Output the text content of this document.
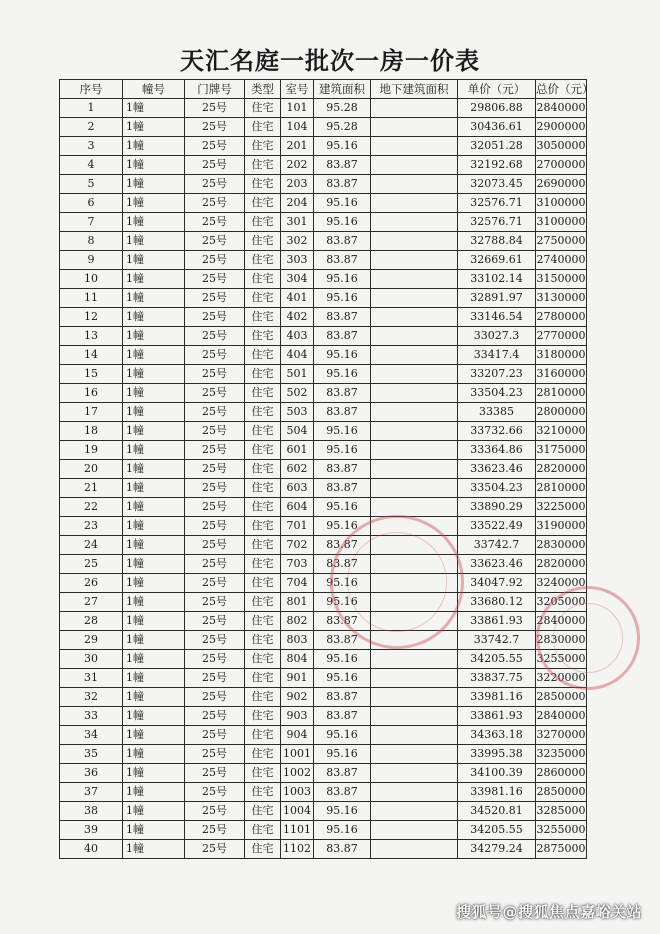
天汇名庭一批次一房一价表
序号	幢号	门牌号	类型	室号	建筑面积	地下建筑面积	单价（元）	总价（元）
1	1幢	25号	住宅	101	95.28		29806.88	2840000
2	1幢	25号	住宅	104	95.28		30436.61	2900000
3	1幢	25号	住宅	201	95.16		32051.28	3050000
4	1幢	25号	住宅	202	83.87		32192.68	2700000
5	1幢	25号	住宅	203	83.87		32073.45	2690000
6	1幢	25号	住宅	204	95.16		32576.71	3100000
7	1幢	25号	住宅	301	95.16		32576.71	3100000
8	1幢	25号	住宅	302	83.87		32788.84	2750000
9	1幢	25号	住宅	303	83.87		32669.61	2740000
10	1幢	25号	住宅	304	95.16		33102.14	3150000
11	1幢	25号	住宅	401	95.16		32891.97	3130000
12	1幢	25号	住宅	402	83.87		33146.54	2780000
13	1幢	25号	住宅	403	83.87		33027.3	2770000
14	1幢	25号	住宅	404	95.16		33417.4	3180000
15	1幢	25号	住宅	501	95.16		33207.23	3160000
16	1幢	25号	住宅	502	83.87		33504.23	2810000
17	1幢	25号	住宅	503	83.87		33385	2800000
18	1幢	25号	住宅	504	95.16		33732.66	3210000
19	1幢	25号	住宅	601	95.16		33364.86	3175000
20	1幢	25号	住宅	602	83.87		33623.46	2820000
21	1幢	25号	住宅	603	83.87		33504.23	2810000
22	1幢	25号	住宅	604	95.16		33890.29	3225000
23	1幢	25号	住宅	701	95.16		33522.49	3190000
24	1幢	25号	住宅	702	83.87		33742.7	2830000
25	1幢	25号	住宅	703	83.87		33623.46	2820000
26	1幢	25号	住宅	704	95.16		34047.92	3240000
27	1幢	25号	住宅	801	95.16		33680.12	3205000
28	1幢	25号	住宅	802	83.87		33861.93	2840000
29	1幢	25号	住宅	803	83.87		33742.7	2830000
30	1幢	25号	住宅	804	95.16		34205.55	3255000
31	1幢	25号	住宅	901	95.16		33837.75	3220000
32	1幢	25号	住宅	902	83.87		33981.16	2850000
33	1幢	25号	住宅	903	83.87		33861.93	2840000
34	1幢	25号	住宅	904	95.16		34363.18	3270000
35	1幢	25号	住宅	1001	95.16		33995.38	3235000
36	1幢	25号	住宅	1002	83.87		34100.39	2860000
37	1幢	25号	住宅	1003	83.87		33981.16	2850000
38	1幢	25号	住宅	1004	95.16		34520.81	3285000
39	1幢	25号	住宅	1101	95.16		34205.55	3255000
40	1幢	25号	住宅	1102	83.87		34279.24	2875000
搜狐号@搜狐焦点嘉峪关站
